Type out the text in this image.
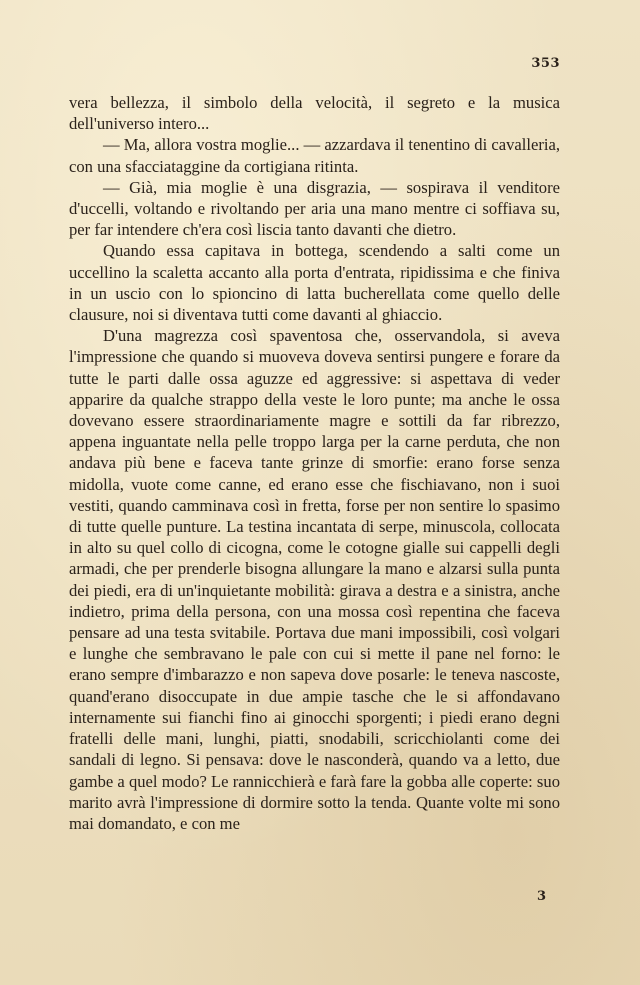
353

vera bellezza, il simbolo della velocità, il segreto e la musica dell'universo intero...

— Ma, allora vostra moglie... — azzardava il tenentino di cavalleria, con una sfacciataggine da cortigiana ritinta.

— Già, mia moglie è una disgrazia, — sospirava il venditore d'uccelli, voltando e rivoltando per aria una mano mentre ci soffiava su, per far intendere ch'era così liscia tanto davanti che dietro.

Quando essa capitava in bottega, scendendo a salti come un uccellino la scaletta accanto alla porta d'entrata, ripidissima e che finiva in un uscio con lo spioncino di latta bucherellata come quello delle clausure, noi si diventava tutti come davanti al ghiaccio.

D'una magrezza così spaventosa che, osservandola, si aveva l'impressione che quando si muoveva doveva sentirsi pungere e forare da tutte le parti dalle ossa aguzze ed aggressive: si aspettava di veder apparire da qualche strappo della veste le loro punte; ma anche le ossa dovevano essere straordinariamente magre e sottili da far ribrezzo, appena inguantate nella pelle troppo larga per la carne perduta, che non andava più bene e faceva tante grinze di smorfie: erano forse senza midolla, vuote come canne, ed erano esse che fischiavano, non i suoi vestiti, quando camminava così in fretta, forse per non sentire lo spasimo di tutte quelle punture. La testina incantata di serpe, minuscola, collocata in alto su quel collo di cicogna, come le cotogne gialle sui cappelli degli armadi, che per prenderle bisogna allungare la mano e alzarsi sulla punta dei piedi, era di un'inquietante mobilità: girava a destra e a sinistra, anche indietro, prima della persona, con una mossa così repentina che faceva pensare ad una testa svitabile. Portava due mani impossibili, così volgari e lunghe che sembravano le pale con cui si mette il pane nel forno: le erano sempre d'imbarazzo e non sapeva dove posarle: le teneva nascoste, quand'erano disoccupate in due ampie tasche che le si affondavano internamente sui fianchi fino ai ginocchi sporgenti; i piedi erano degni fratelli delle mani, lunghi, piatti, snodabili, scricchiolanti come dei sandali di legno. Si pensava: dove le nasconderà, quando va a letto, due gambe a quel modo? Le rannicchierà e farà fare la gobba alle coperte: suo marito avrà l'impressione di dormire sotto la tenda. Quante volte mi sono mai domandato, e con me

3
